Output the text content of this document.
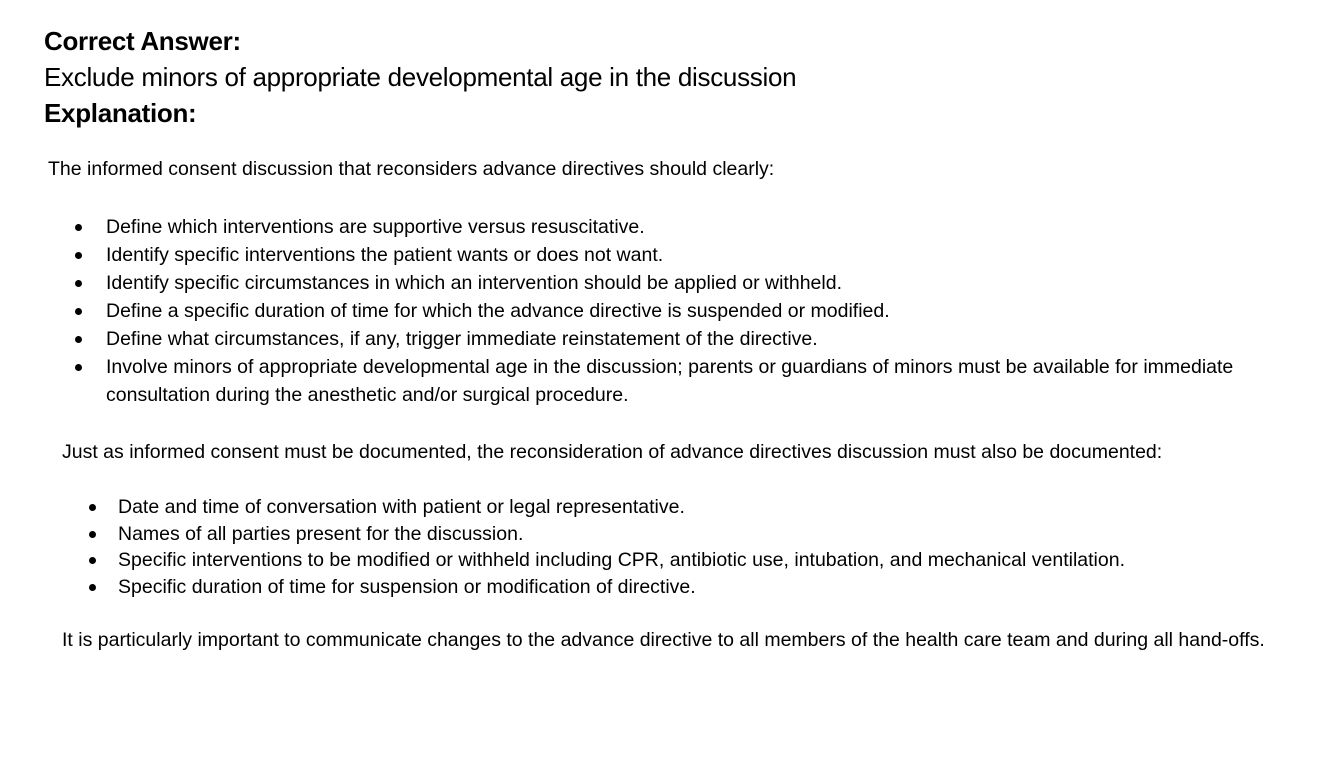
Correct Answer:
Exclude minors of appropriate developmental age in the discussion
Explanation:

The informed consent discussion that reconsiders advance directives should clearly:

Define which interventions are supportive versus resuscitative.
Identify specific interventions the patient wants or does not want.
Identify specific circumstances in which an intervention should be applied or withheld.
Define a specific duration of time for which the advance directive is suspended or modified.
Define what circumstances, if any, trigger immediate reinstatement of the directive.
Involve minors of appropriate developmental age in the discussion; parents or guardians of minors must be available for immediate consultation during the anesthetic and/or surgical procedure.

Just as informed consent must be documented, the reconsideration of advance directives discussion must also be documented:

Date and time of conversation with patient or legal representative.
Names of all parties present for the discussion.
Specific interventions to be modified or withheld including CPR, antibiotic use, intubation, and mechanical ventilation.
Specific duration of time for suspension or modification of directive.

It is particularly important to communicate changes to the advance directive to all members of the health care team and during all hand-offs.
